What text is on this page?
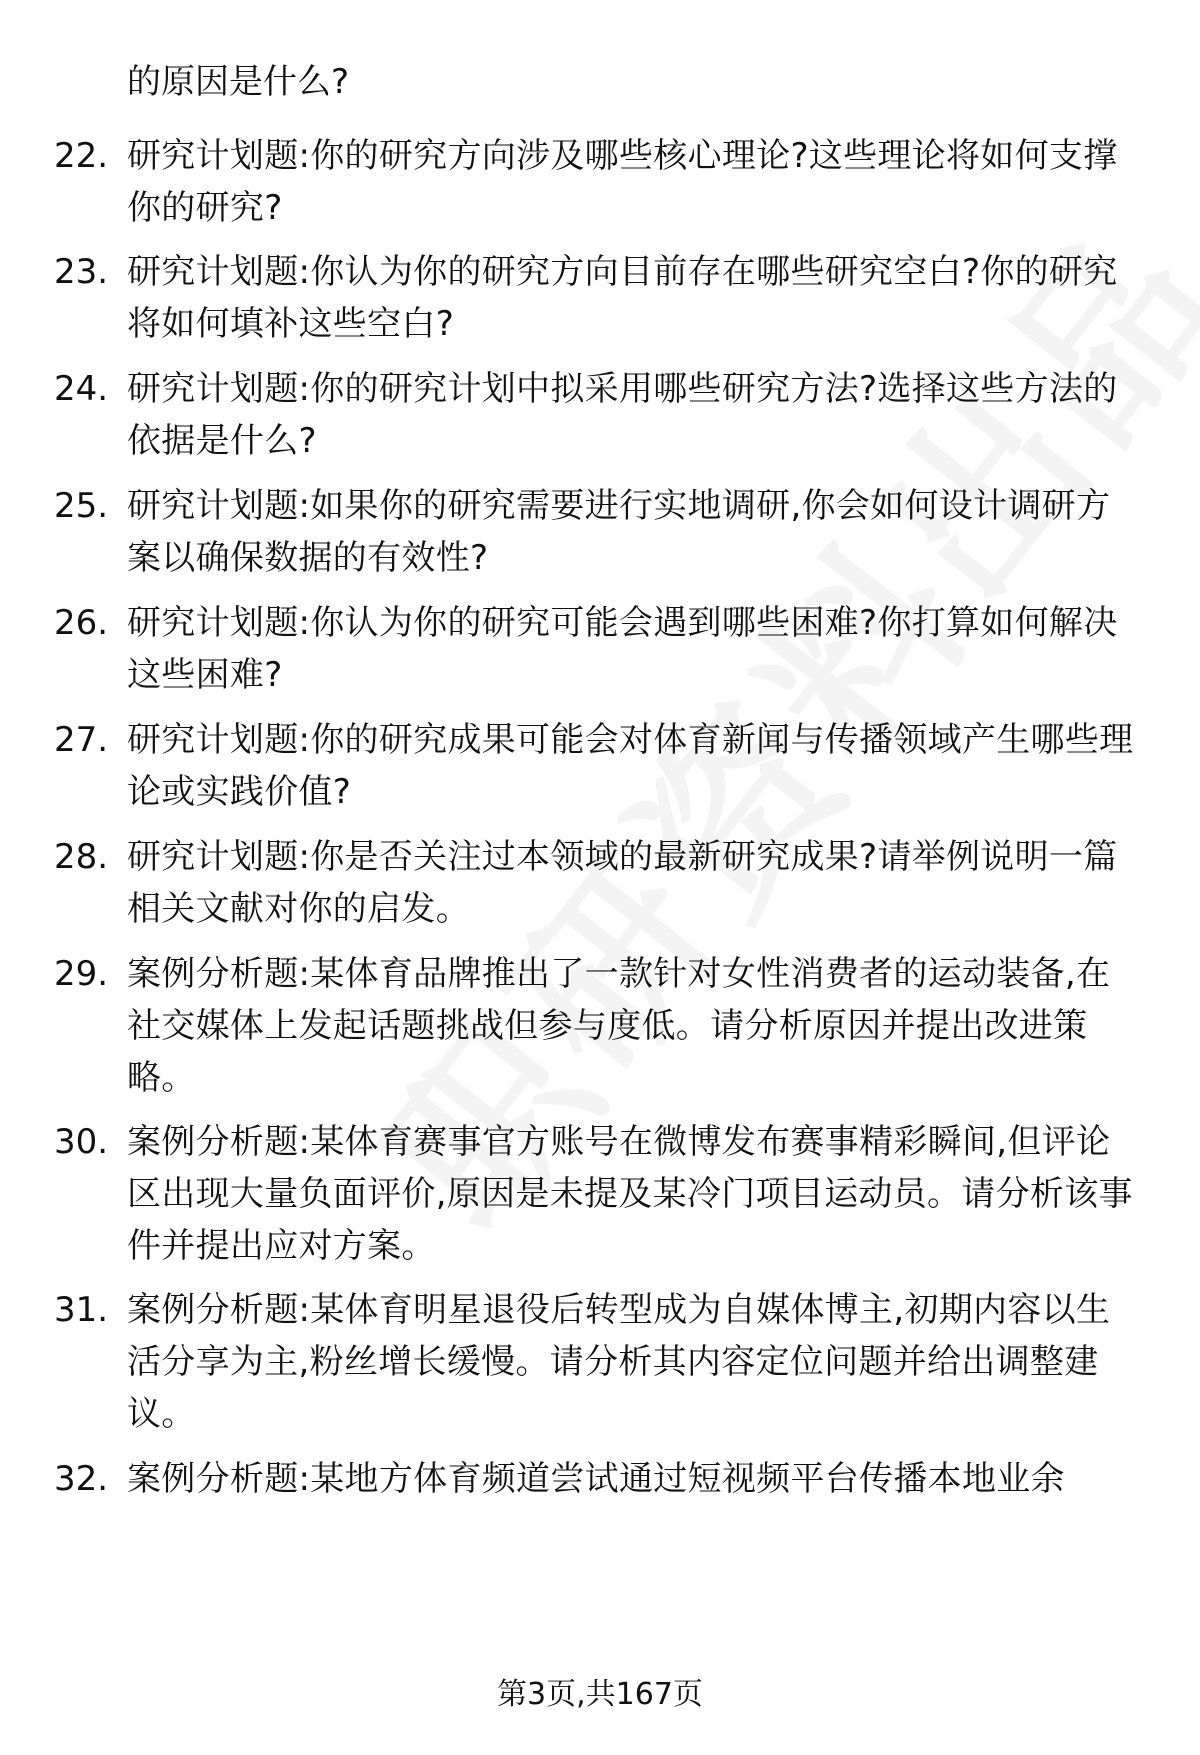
的原因是什么?
22. 研究计划题:你的研究方向涉及哪些核心理论?这些理论将如何支撑你的研究?
23. 研究计划题:你认为你的研究方向目前存在哪些研究空白?你的研究将如何填补这些空白?
24. 研究计划题:你的研究计划中拟采用哪些研究方法?选择这些方法的依据是什么?
25. 研究计划题:如果你的研究需要进行实地调研,你会如何设计调研方案以确保数据的有效性?
26. 研究计划题:你认为你的研究可能会遇到哪些困难?你打算如何解决这些困难?
27. 研究计划题:你的研究成果可能会对体育新闻与传播领域产生哪些理论或实践价值?
28. 研究计划题:你是否关注过本领域的最新研究成果?请举例说明一篇相关文献对你的启发。
29. 案例分析题:某体育品牌推出了一款针对女性消费者的运动装备,在社交媒体上发起话题挑战但参与度低。请分析原因并提出改进策略。
30. 案例分析题:某体育赛事官方账号在微博发布赛事精彩瞬间,但评论区出现大量负面评价,原因是未提及某冷门项目运动员。请分析该事件并提出应对方案。
31. 案例分析题:某体育明星退役后转型成为自媒体博主,初期内容以生活分享为主,粉丝增长缓慢。请分析其内容定位问题并给出调整建议。
32. 案例分析题:某地方体育频道尝试通过短视频平台传播本地业余
第3页,共167页
